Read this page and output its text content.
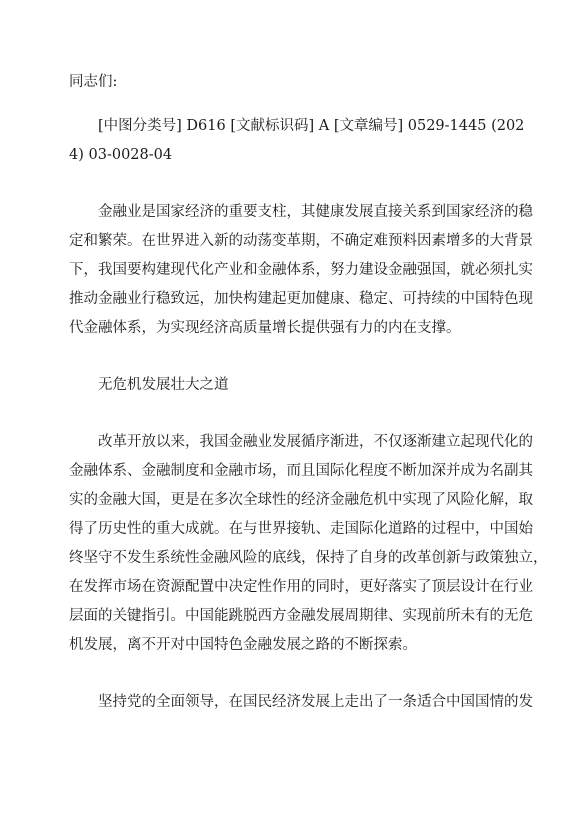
同志们:
[中图分类号] D616 [文献标识码] A [文章编号] 0529-1445 (202
4) 03-0028-04
金融业是国家经济的重要支柱，其健康发展直接关系到国家经济的稳
定和繁荣。在世界进入新的动荡变革期，不确定难预料因素增多的大背景
下，我国要构建现代化产业和金融体系，努力建设金融强国，就必须扎实
推动金融业行稳致远，加快构建起更加健康、稳定、可持续的中国特色现
代金融体系，为实现经济高质量增长提供强有力的内在支撑。
无危机发展壮大之道
改革开放以来，我国金融业发展循序渐进，不仅逐渐建立起现代化的
金融体系、金融制度和金融市场，而且国际化程度不断加深并成为名副其
实的金融大国，更是在多次全球性的经济金融危机中实现了风险化解，取
得了历史性的重大成就。在与世界接轨、走国际化道路的过程中，中国始
终坚守不发生系统性金融风险的底线，保持了自身的改革创新与政策独立，
在发挥市场在资源配置中决定性作用的同时，更好落实了顶层设计在行业
层面的关键指引。中国能跳脱西方金融发展周期律、实现前所未有的无危
机发展，离不开对中国特色金融发展之路的不断探索。
坚持党的全面领导，在国民经济发展上走出了一条适合中国国情的发
